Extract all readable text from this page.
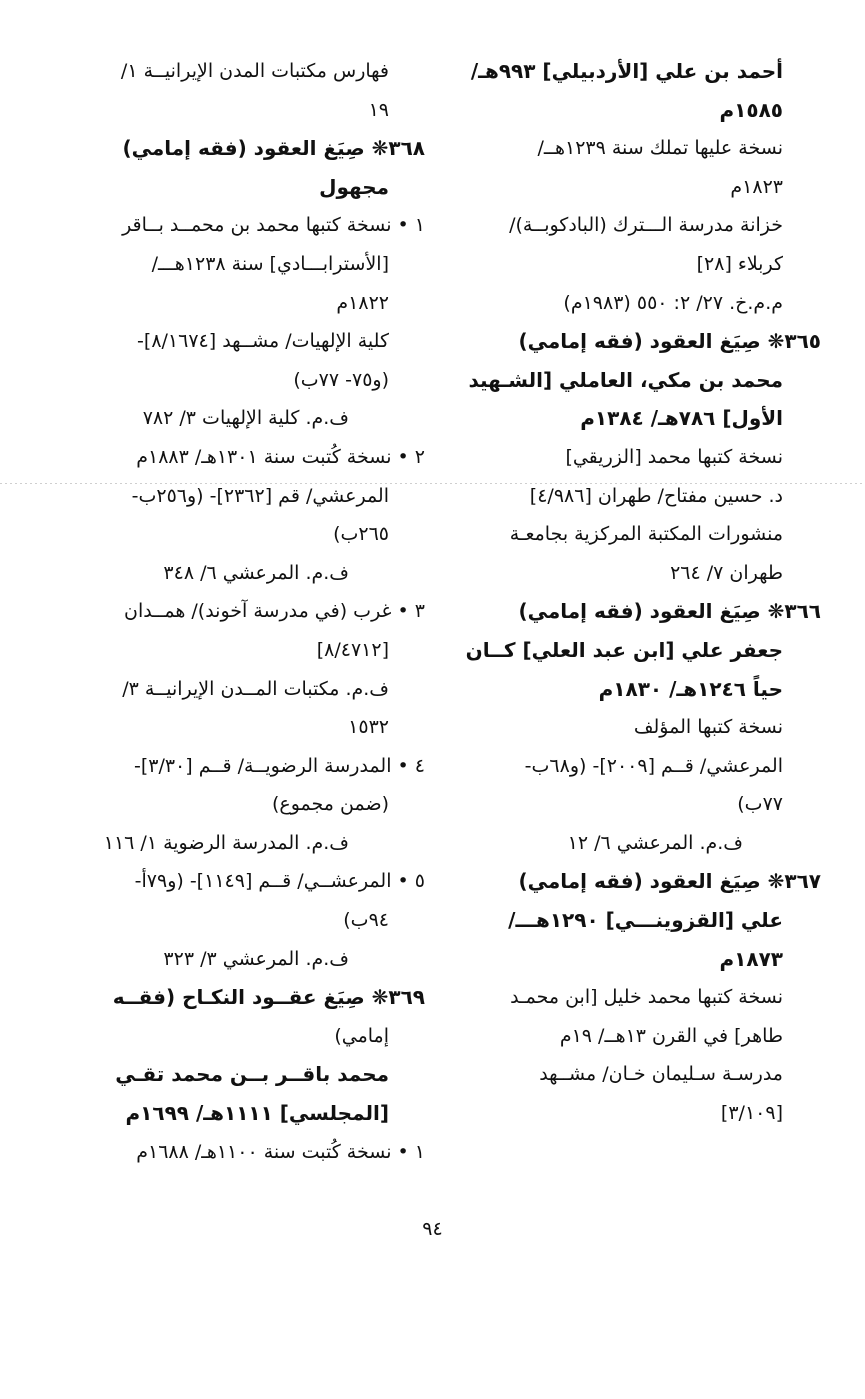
أحمد بن علي [الأردبيلي] ٩٩٣هـ/
١٥٨٥م
نسخة عليها تملك سنة ١٢٣٩هــ/
١٨٢٣م
خزانة مدرسة الـــترك (البادكوبــة)/
كربلاء [٢٨]
م.م.خ. ٢٧/ ٢: ٥٥٠ (١٩٨٣م)
٣٦٥❋ صِيَغ العقود (فقه إمامي)
محمد بن مكي، العاملي [الشـهيد
الأول] ٧٨٦هـ/ ١٣٨٤م
نسخة كتبها محمد [الزريقي]
د. حسين مفتاح/ طهران [٤/٩٨٦]
منشورات المكتبة المركزية بجامعـة
طهران ٧/ ٢٦٤
٣٦٦❋ صِيَغ العقود (فقه إمامي)
جعفر علي [ابن عبد العلي] كــان
حياً ١٢٤٦هـ/ ١٨٣٠م
نسخة كتبها المؤلف
المرعشي/ قــم [٢٠٠٩]- (و٦٨ب-
٧٧ب)
ف.م. المرعشي ٦/ ١٢
٣٦٧❋ صِيَغ العقود (فقه إمامي)
علي [القزوينـــي] ١٢٩٠هـــ/
١٨٧٣م
نسخة كتبها محمد خليل [ابن محمـد
طاهر] في القرن ١٣هــ/ ١٩م
مدرسـة سـليمان خـان/ مشــهد
[٣/١٠٩]
فهارس مكتبات المدن الإيرانيــة ١/
١٩
٣٦٨❋ صِيَغ العقود (فقه إمامي)
مجهول
١ • نسخة كتبها محمد بن محمــد بــاقر
[الأسترابـــادي] سنة ١٢٣٨هـــ/
١٨٢٢م
كلية الإلهيات/ مشــهد [٨/١٦٧٤]-
(و٧٥- ٧٧ب)
ف.م. كلية الإلهيات ٣/ ٧٨٢
٢ • نسخة كُتبت سنة ١٣٠١هـ/ ١٨٨٣م
المرعشي/ قم [٢٣٦٢]- (و٢٥٦ب-
٢٦٥ب)
ف.م. المرعشي ٦/ ٣٤٨
٣ • غرب (في مدرسة آخوند)/ همــدان
[٨/٤٧١٢]
ف.م. مكتبات المــدن الإيرانيــة ٣/
١٥٣٢
٤ • المدرسة الرضويــة/ قــم [٣/٣٠]-
(ضمن مجموع)
ف.م. المدرسة الرضوية ١/ ١١٦
٥ • المرعشــي/ قــم [١١٤٩]- (و٧٩أ-
٩٤ب)
ف.م. المرعشي ٣/ ٣٢٣
٣٦٩❋ صِيَغ عقــود النكـاح (فقــه
إمامي)
محمد باقــر بــن محمد تقـي
[المجلسي] ١١١١هـ/ ١٦٩٩م
١ • نسخة كُتبت سنة ١١٠٠هـ/ ١٦٨٨م
٩٤
